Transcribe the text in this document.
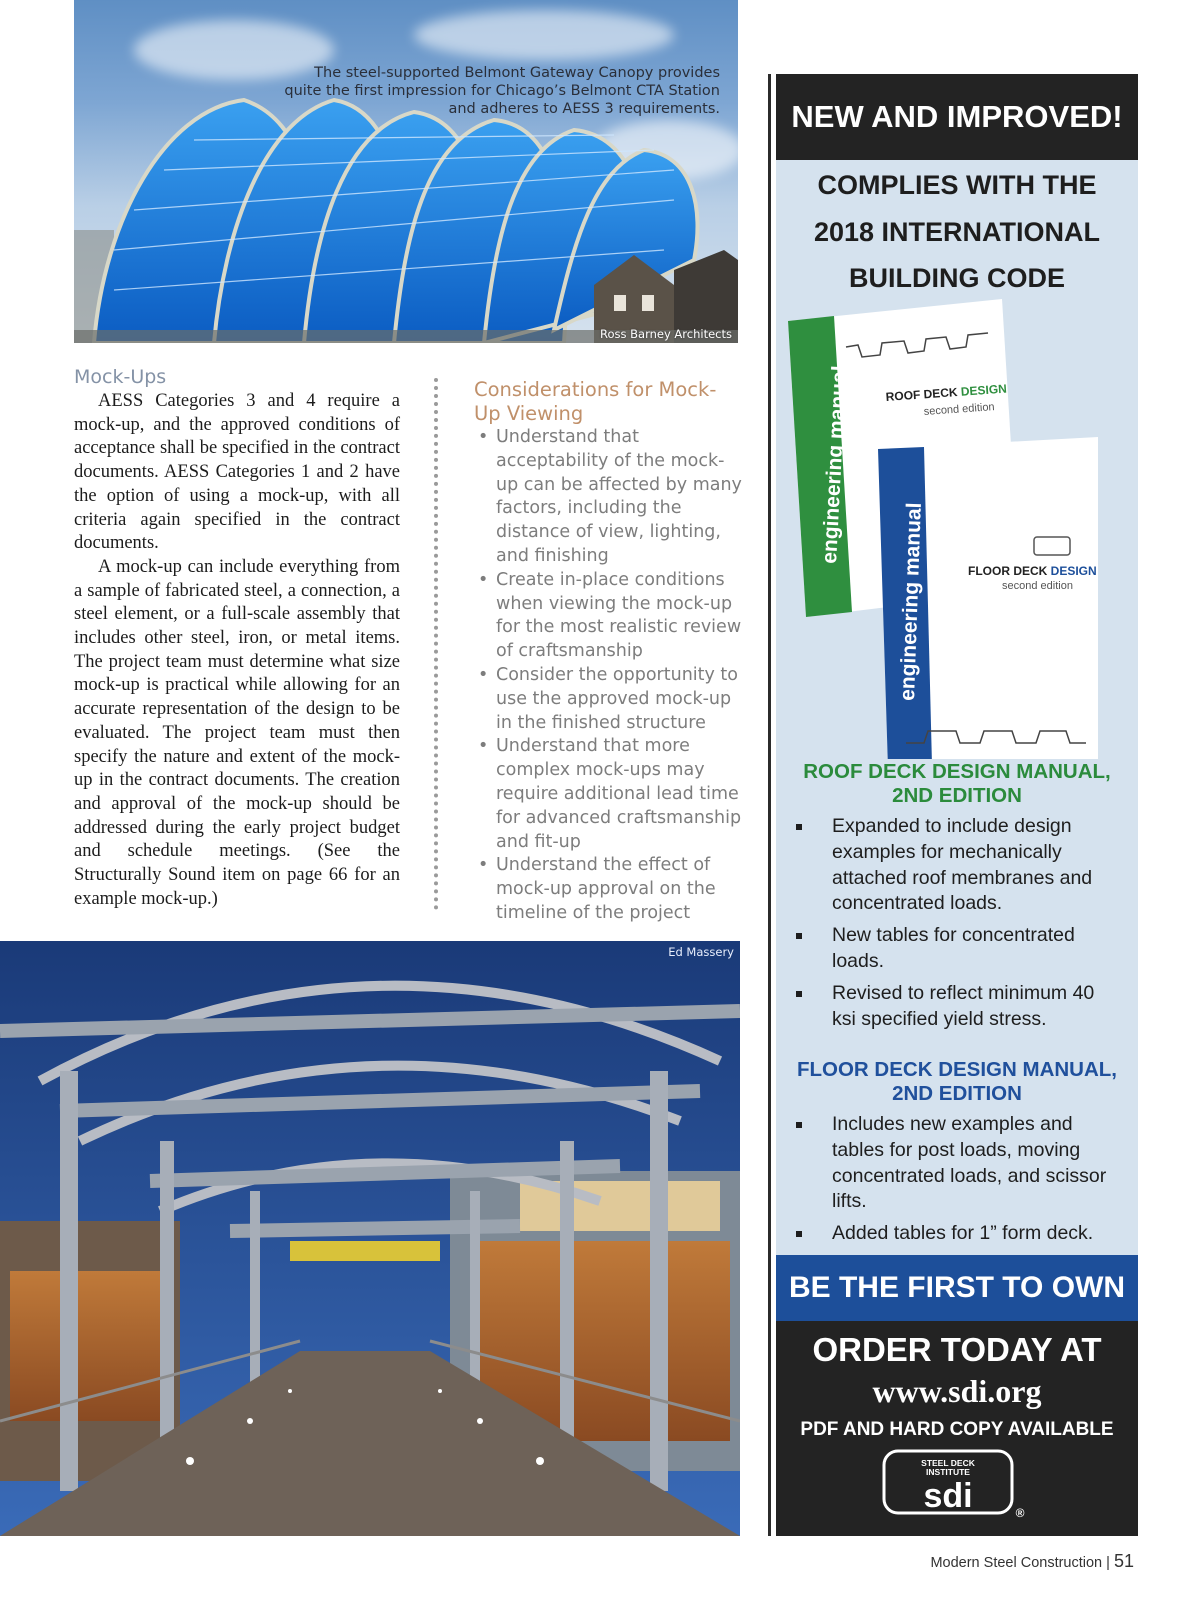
The steel-supported Belmont Gateway Canopy provides quite the first impression for Chicago’s Belmont CTA Station and adheres to AESS 3 requirements.
Ross Barney Architects
Mock-Ups

AESS Categories 3 and 4 require a mock-up, and the approved conditions of acceptance shall be specified in the contract documents. AESS Categories 1 and 2 have the option of using a mock-up, with all criteria again specified in the contract documents.

A mock-up can include everything from a sample of fabricated steel, a connection, a steel element, or a full-scale assembly that includes other steel, iron, or metal items. The project team must determine what size mock-up is practical while allowing for an accurate representation of the design to be evaluated. The project team must then specify the nature and extent of the mock-up in the contract documents. The creation and approval of the mock-up should be addressed during the early project budget and schedule meetings. (See the Structurally Sound item on page 66 for an example mock-up.)

Considerations for Mock-Up Viewing
• Understand that acceptability of the mock-up can be affected by many factors, including the distance of view, lighting, and finishing
• Create in-place conditions when viewing the mock-up for the most realistic review of craftsmanship
• Consider the opportunity to use the approved mock-up in the finished structure
• Understand that more complex mock-ups may require additional lead time for advanced craftsmanship and fit-up
• Understand the effect of mock-up approval on the timeline of the project
Ed Massery
NEW AND IMPROVED!
COMPLIES WITH THE
2018 INTERNATIONAL
BUILDING CODE
engineering manual	ROOF DECK DESIGN
second edition
engineering manual	FLOOR DECK DESIGN
second edition
ROOF DECK DESIGN MANUAL,
2ND EDITION
Expanded to include design examples for mechanically attached roof membranes and concentrated loads.
New tables for concentrated loads.
Revised to reflect minimum 40 ksi specified yield stress.
FLOOR DECK DESIGN MANUAL,
2ND EDITION
Includes new examples and tables for post loads, moving concentrated loads, and scissor lifts.
Added tables for 1” form deck.
BE THE FIRST TO OWN
ORDER TODAY AT
www.sdi.org
PDF AND HARD COPY AVAILABLE
STEEL DECK
INSTITUTE
sdi	®
Modern Steel Construction | 51
